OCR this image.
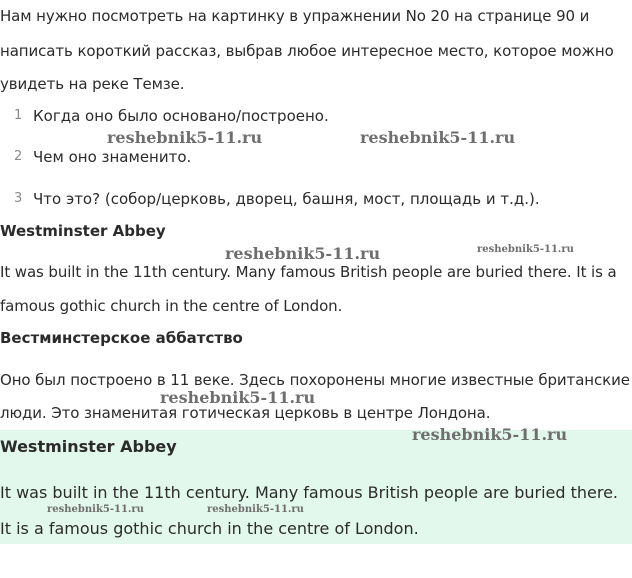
Нам нужно посмотреть на картинку в упражнении No 20 на странице 90 и
написать короткий рассказ, выбрав любое интересное место, которое можно
увидеть на реке Темзе.
1 Когда оно было основано/построено.
2 Чем оно знаменито.
3 Что это? (собор/церковь, дворец, башня, мост, площадь и т.д.).
Westminster Abbey
It was built in the 11th century. Many famous British people are buried there. It is a
famous gothic church in the centre of London.
Вестминстерское аббатство
Оно был построено в 11 веке. Здесь похоронены многие известные британские
люди. Это знаменитая готическая церковь в центре Лондона.
Westminster Abbey
It was built in the 11th century. Many famous British people are buried there.
It is a famous gothic church in the centre of London.
reshebnik5-11.ru	reshebnik5-11.ru
reshebnik5-11.ru	reshebnik5-11.ru
reshebnik5-11.ru
reshebnik5-11.ru
reshebnik5-11.ru	reshebnik5-11.ru
